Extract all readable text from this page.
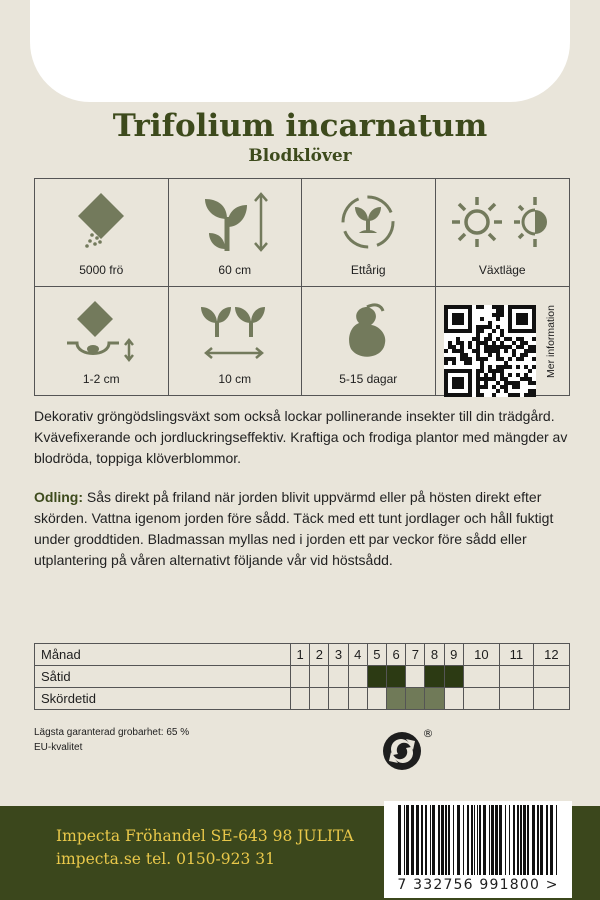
Trifolium incarnatum
Blodklöver
5000 frö	60 cm	Ettårig	Växtläge
1-2 cm	10 cm	5-15 dagar
Mer information
Dekorativ gröngödslingsväxt som också lockar pollinerande insekter till din trädgård. Kvävefixerande och jordluckringseffektiv. Kraftiga och frodiga plantor med mängder av blodröda, toppiga klöverblommor.
Odling: Sås direkt på friland när jorden blivit uppvärmd eller på hösten direkt efter skörden. Vattna igenom jorden före sådd. Täck med ett tunt jordlager och håll fuktigt under groddtiden. Bladmassan myllas ned i jorden ett par veckor före sådd eller utplantering på våren alternativt följande vår vid höstsådd.
Månad	1	2	3	4	5	6	7	8	9	10	11	12
Såtid												
Skördetid												
Lägsta garanterad grobarhet: 65 %
EU-kvalitet
®
Impecta Fröhandel SE-643 98 JULITA
impecta.se tel. 0150-923 31
7 332756 991800 >
